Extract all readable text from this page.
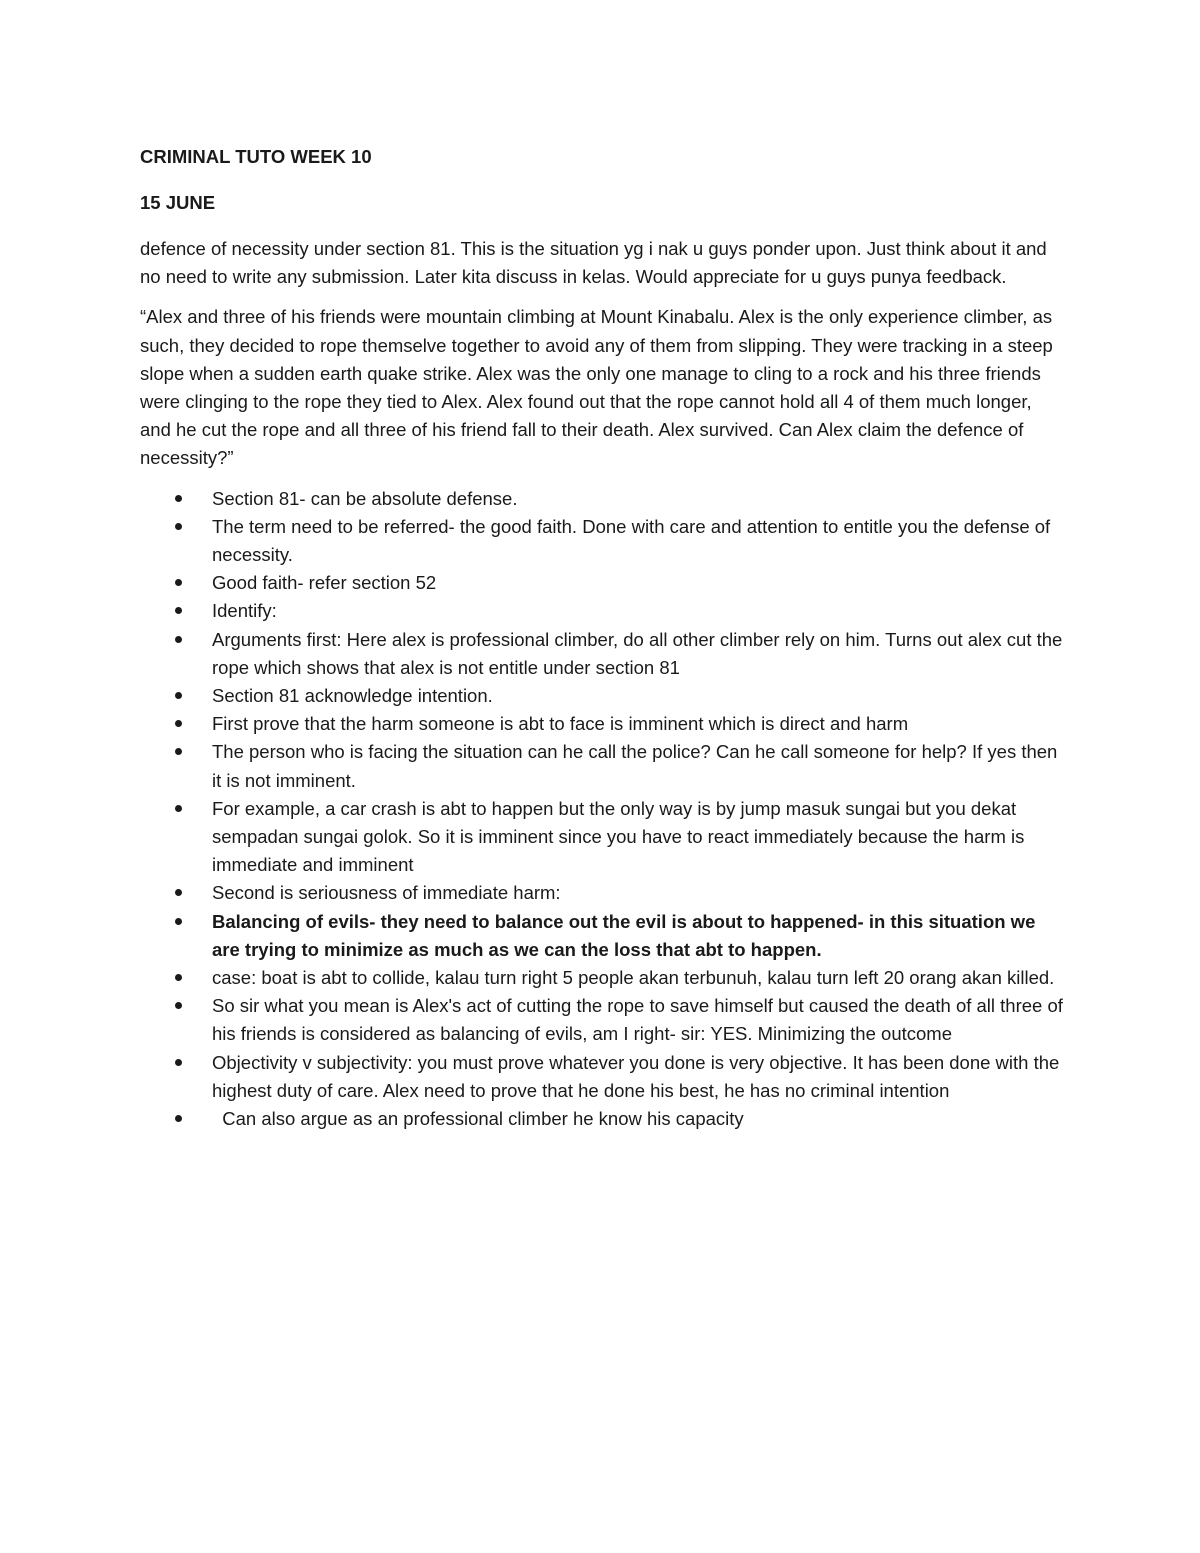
CRIMINAL TUTO WEEK 10

15 JUNE

defence of necessity under section 81. This is the situation yg i nak u guys ponder upon. Just think about it and no need to write any submission. Later kita discuss in kelas. Would appreciate for u guys punya feedback.

“Alex and three of his friends were mountain climbing at Mount Kinabalu. Alex is the only experience climber, as such, they decided to rope themselve together to avoid any of them from slipping. They were tracking in a steep slope when a sudden earth quake strike. Alex was the only one manage to cling to a rock and his three friends were clinging to the rope they tied to Alex. Alex found out that the rope cannot hold all 4 of them much longer, and he cut the rope and all three of his friend fall to their death. Alex survived. Can Alex claim the defence of necessity?”

Section 81- can be absolute defense.
The term need to be referred- the good faith. Done with care and attention to entitle you the defense of necessity.
Good faith- refer section 52
Identify:
Arguments first: Here alex is professional climber, do all other climber rely on him. Turns out alex cut the rope which shows that alex is not entitle under section 81
Section 81 acknowledge intention.
First prove that the harm someone is abt to face is imminent which is direct and harm
The person who is facing the situation can he call the police? Can he call someone for help? If yes then it is not imminent.
For example, a car crash is abt to happen but the only way is by jump masuk sungai but you dekat sempadan sungai golok. So it is imminent since you have to react immediately because the harm is immediate and imminent
Second is seriousness of immediate harm:
Balancing of evils- they need to balance out the evil is about to happened- in this situation we are trying to minimize as much as we can the loss that abt to happen.
case: boat is abt to collide, kalau turn right 5 people akan terbunuh, kalau turn left 20 orang akan killed.
So sir what you mean is Alex's act of cutting the rope to save himself but caused the death of all three of his friends is considered as balancing of evils, am I right- sir: YES. Minimizing the outcome
Objectivity v subjectivity: you must prove whatever you done is very objective. It has been done with the highest duty of care. Alex need to prove that he done his best, he has no criminal intention
Can also argue as an professional climber he know his capacity
